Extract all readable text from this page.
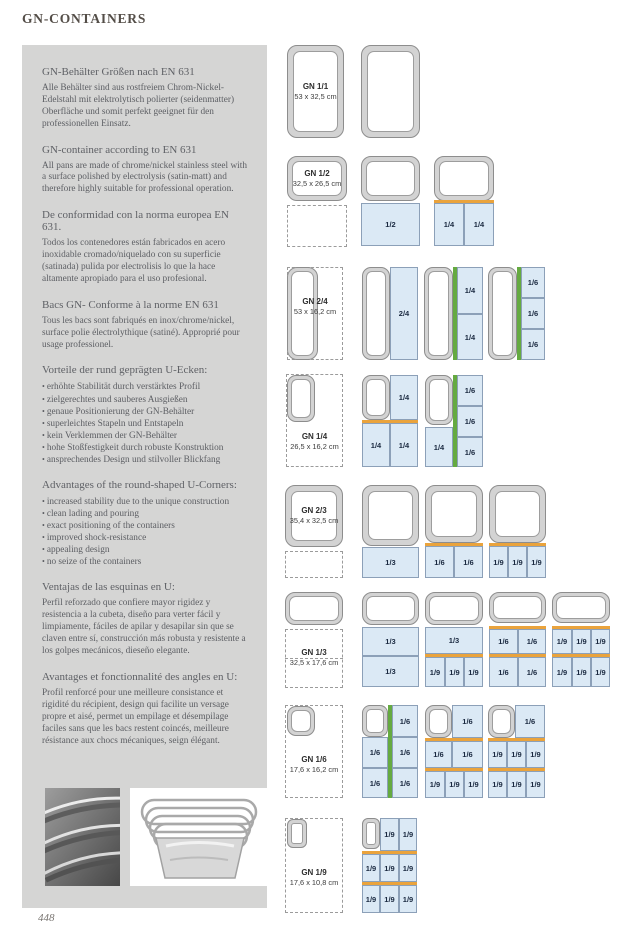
GN-CONTAINERS
GN-Behälter Größen nach EN 631
Alle Behälter sind aus rostfreiem Chrom-Nickel-Edelstahl mit elektrolytisch polierter (seidenmatter) Oberfläche und somit perfekt geeignet für den professionellen Einsatz.
GN-container according to EN 631
All pans are made of chrome/nickel stainless steel with a surface polished by electrolysis (satin-matt) and therefore highly suitable for professional operation.
De conformidad con la norma europea EN 631.
Todos los contenedores están fabricados en acero inoxidable cromado/niquelado con su superficie (satinada) pulida por electrolisis lo que la hace altamente apropiado para el uso profesional.
Bacs GN- Conforme à la norme EN 631
Tous les bacs sont fabriqués en inox/chrome/nickel, surface polie électrolythique (satiné). Approprié pour usage professionel.
Vorteile der rund geprägten U-Ecken:
• erhöhte Stabilität durch verstärktes Profil
• zielgerechtes und sauberes Ausgießen
• genaue Positionierung der GN-Behälter
• superleichtes Stapeln und Entstapeln
• kein Verklemmen der GN-Behälter
• hohe Stoßfestigkeit durch robuste Konstruktion
• ansprechendes Design und stilvoller Blickfang
Advantages of the round-shaped U-Corners:
• increased stability due to the unique construction
• clean lading and pouring
• exact positioning of the containers
• improved shock-resistance
• appealing design
• no seize of the containers
Ventajas de las esquinas en U:
Perfil reforzado que confiere mayor rigidez y resistencia a la cubeta, diseño para verter fácil y limpiamente, fáciles de apilar y desapilar sin que se claven entre sí, construcción más robusta y resistente a los golpes mecánicos, dieseño elegante.
Avantages et fonctionnalité des angles en U:
Profil renforcé pour une meilleure consistance et rigidité du récipient, design qui facilite un versage propre et aisé, permet un empilage et désempilage faciles sans que les bacs restent coincés, meilleure résistance aux chocs mécaniques, seign élégant.
GN 1/1
53 x 32,5 cm
GN 1/2
32,5 x 26,5 cm
1/2	1/4	1/4
GN 2/4
53 x 16,2 cm	2/4
1/4
1/4
1/6
1/6
1/6
GN 1/4
26,5 x 16,2 cm
1/4
1/4	1/4	1/4
1/6
1/6
1/6
GN 2/3
35,4 x 32,5 cm
1/3	1/6	1/6	1/9	1/9	1/9
GN 1/3
32,5 x 17,6 cm
1/3
1/3
1/3
1/9	1/9	1/9
1/6	1/6
1/6	1/6
1/9	1/9	1/9
1/9	1/9	1/9
GN 1/6
17,6 x 16,2 cm
1/6
1/6	1/6
1/6	1/6
1/6
1/6	1/6
1/9	1/9	1/9
1/6
1/9	1/9	1/9
1/9	1/9	1/9
GN 1/9
17,6 x 10,8 cm
1/9	1/9
1/9	1/9	1/9
1/9	1/9	1/9
448
